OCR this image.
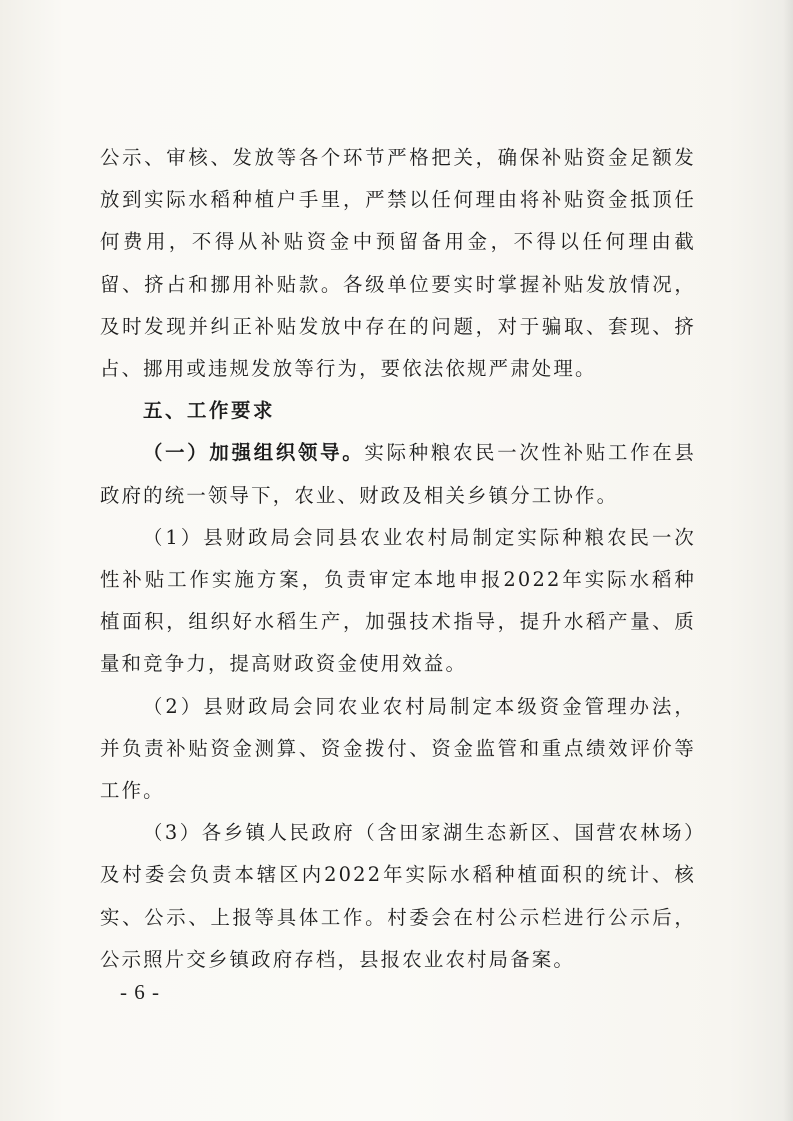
公示、审核、发放等各个环节严格把关，确保补贴资金足额发放到实际水稻种植户手里，严禁以任何理由将补贴资金抵顶任何费用，不得从补贴资金中预留备用金，不得以任何理由截留、挤占和挪用补贴款。各级单位要实时掌握补贴发放情况，及时发现并纠正补贴发放中存在的问题，对于骗取、套现、挤占、挪用或违规发放等行为，要依法依规严肃处理。

五、工作要求

（一）加强组织领导。实际种粮农民一次性补贴工作在县政府的统一领导下，农业、财政及相关乡镇分工协作。

（1）县财政局会同县农业农村局制定实际种粮农民一次性补贴工作实施方案，负责审定本地申报2022年实际水稻种植面积，组织好水稻生产，加强技术指导，提升水稻产量、质量和竞争力，提高财政资金使用效益。

（2）县财政局会同农业农村局制定本级资金管理办法，并负责补贴资金测算、资金拨付、资金监管和重点绩效评价等工作。

（3）各乡镇人民政府（含田家湖生态新区、国营农林场）及村委会负责本辖区内2022年实际水稻种植面积的统计、核实、公示、上报等具体工作。村委会在村公示栏进行公示后，公示照片交乡镇政府存档，县报农业农村局备案。

- 6 -
